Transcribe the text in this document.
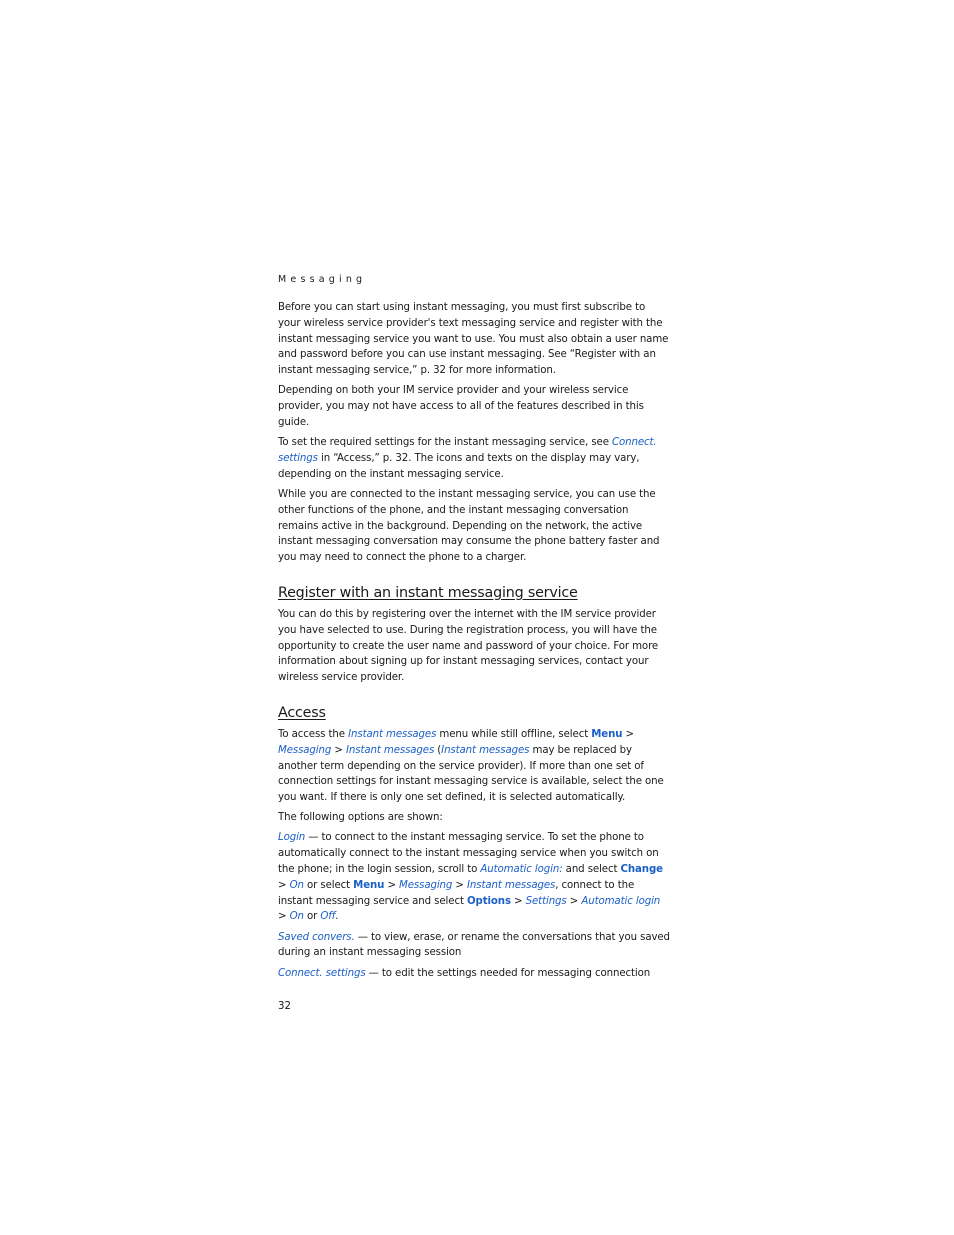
Messaging

Before you can start using instant messaging, you must first subscribe to your wireless service provider's text messaging service and register with the instant messaging service you want to use. You must also obtain a user name and password before you can use instant messaging. See “Register with an instant messaging service,” p. 32 for more information.

Depending on both your IM service provider and your wireless service provider, you may not have access to all of the features described in this guide.

To set the required settings for the instant messaging service, see Connect. settings in “Access,” p. 32. The icons and texts on the display may vary, depending on the instant messaging service.

While you are connected to the instant messaging service, you can use the other functions of the phone, and the instant messaging conversation remains active in the background. Depending on the network, the active instant messaging conversation may consume the phone battery faster and you may need to connect the phone to a charger.

Register with an instant messaging service

You can do this by registering over the internet with the IM service provider you have selected to use. During the registration process, you will have the opportunity to create the user name and password of your choice. For more information about signing up for instant messaging services, contact your wireless service provider.

Access

To access the Instant messages menu while still offline, select Menu > Messaging > Instant messages (Instant messages may be replaced by another term depending on the service provider). If more than one set of connection settings for instant messaging service is available, select the one you want. If there is only one set defined, it is selected automatically.

The following options are shown:

Login — to connect to the instant messaging service. To set the phone to automatically connect to the instant messaging service when you switch on the phone; in the login session, scroll to Automatic login: and select Change > On or select Menu > Messaging > Instant messages, connect to the instant messaging service and select Options > Settings > Automatic login > On or Off.

Saved convers. — to view, erase, or rename the conversations that you saved during an instant messaging session

Connect. settings — to edit the settings needed for messaging connection

32
